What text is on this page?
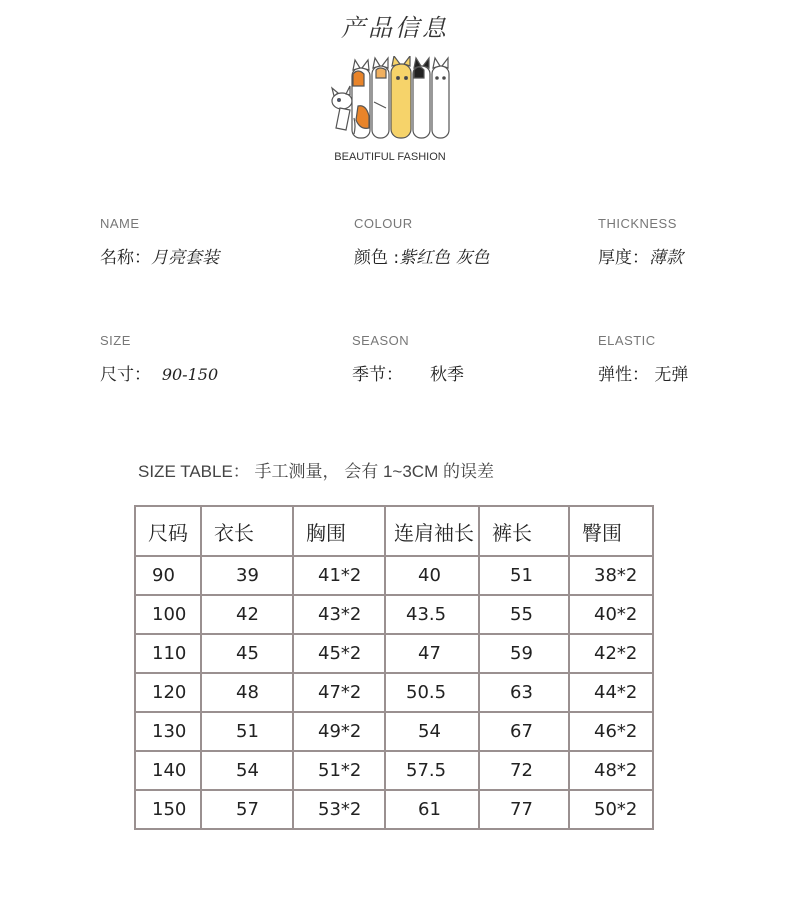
产品信息
BEAUTIFUL FASHION
NAME
名称：月亮套装
COLOUR
颜色 :紫红色 灰色
THICKNESS
厚度：薄款
SIZE
尺寸： 90-150
SEASON
季节： 秋季
ELASTIC
弹性： 无弹
SIZE TABLE： 手工测量， 会有 1~3CM 的误差
尺码	衣长	胸围	连肩袖长	裤长	臀围
90	39	41*2	40	51	38*2
100	42	43*2	43.5	55	40*2
110	45	45*2	47	59	42*2
120	48	47*2	50.5	63	44*2
130	51	49*2	54	67	46*2
140	54	51*2	57.5	72	48*2
150	57	53*2	61	77	50*2
